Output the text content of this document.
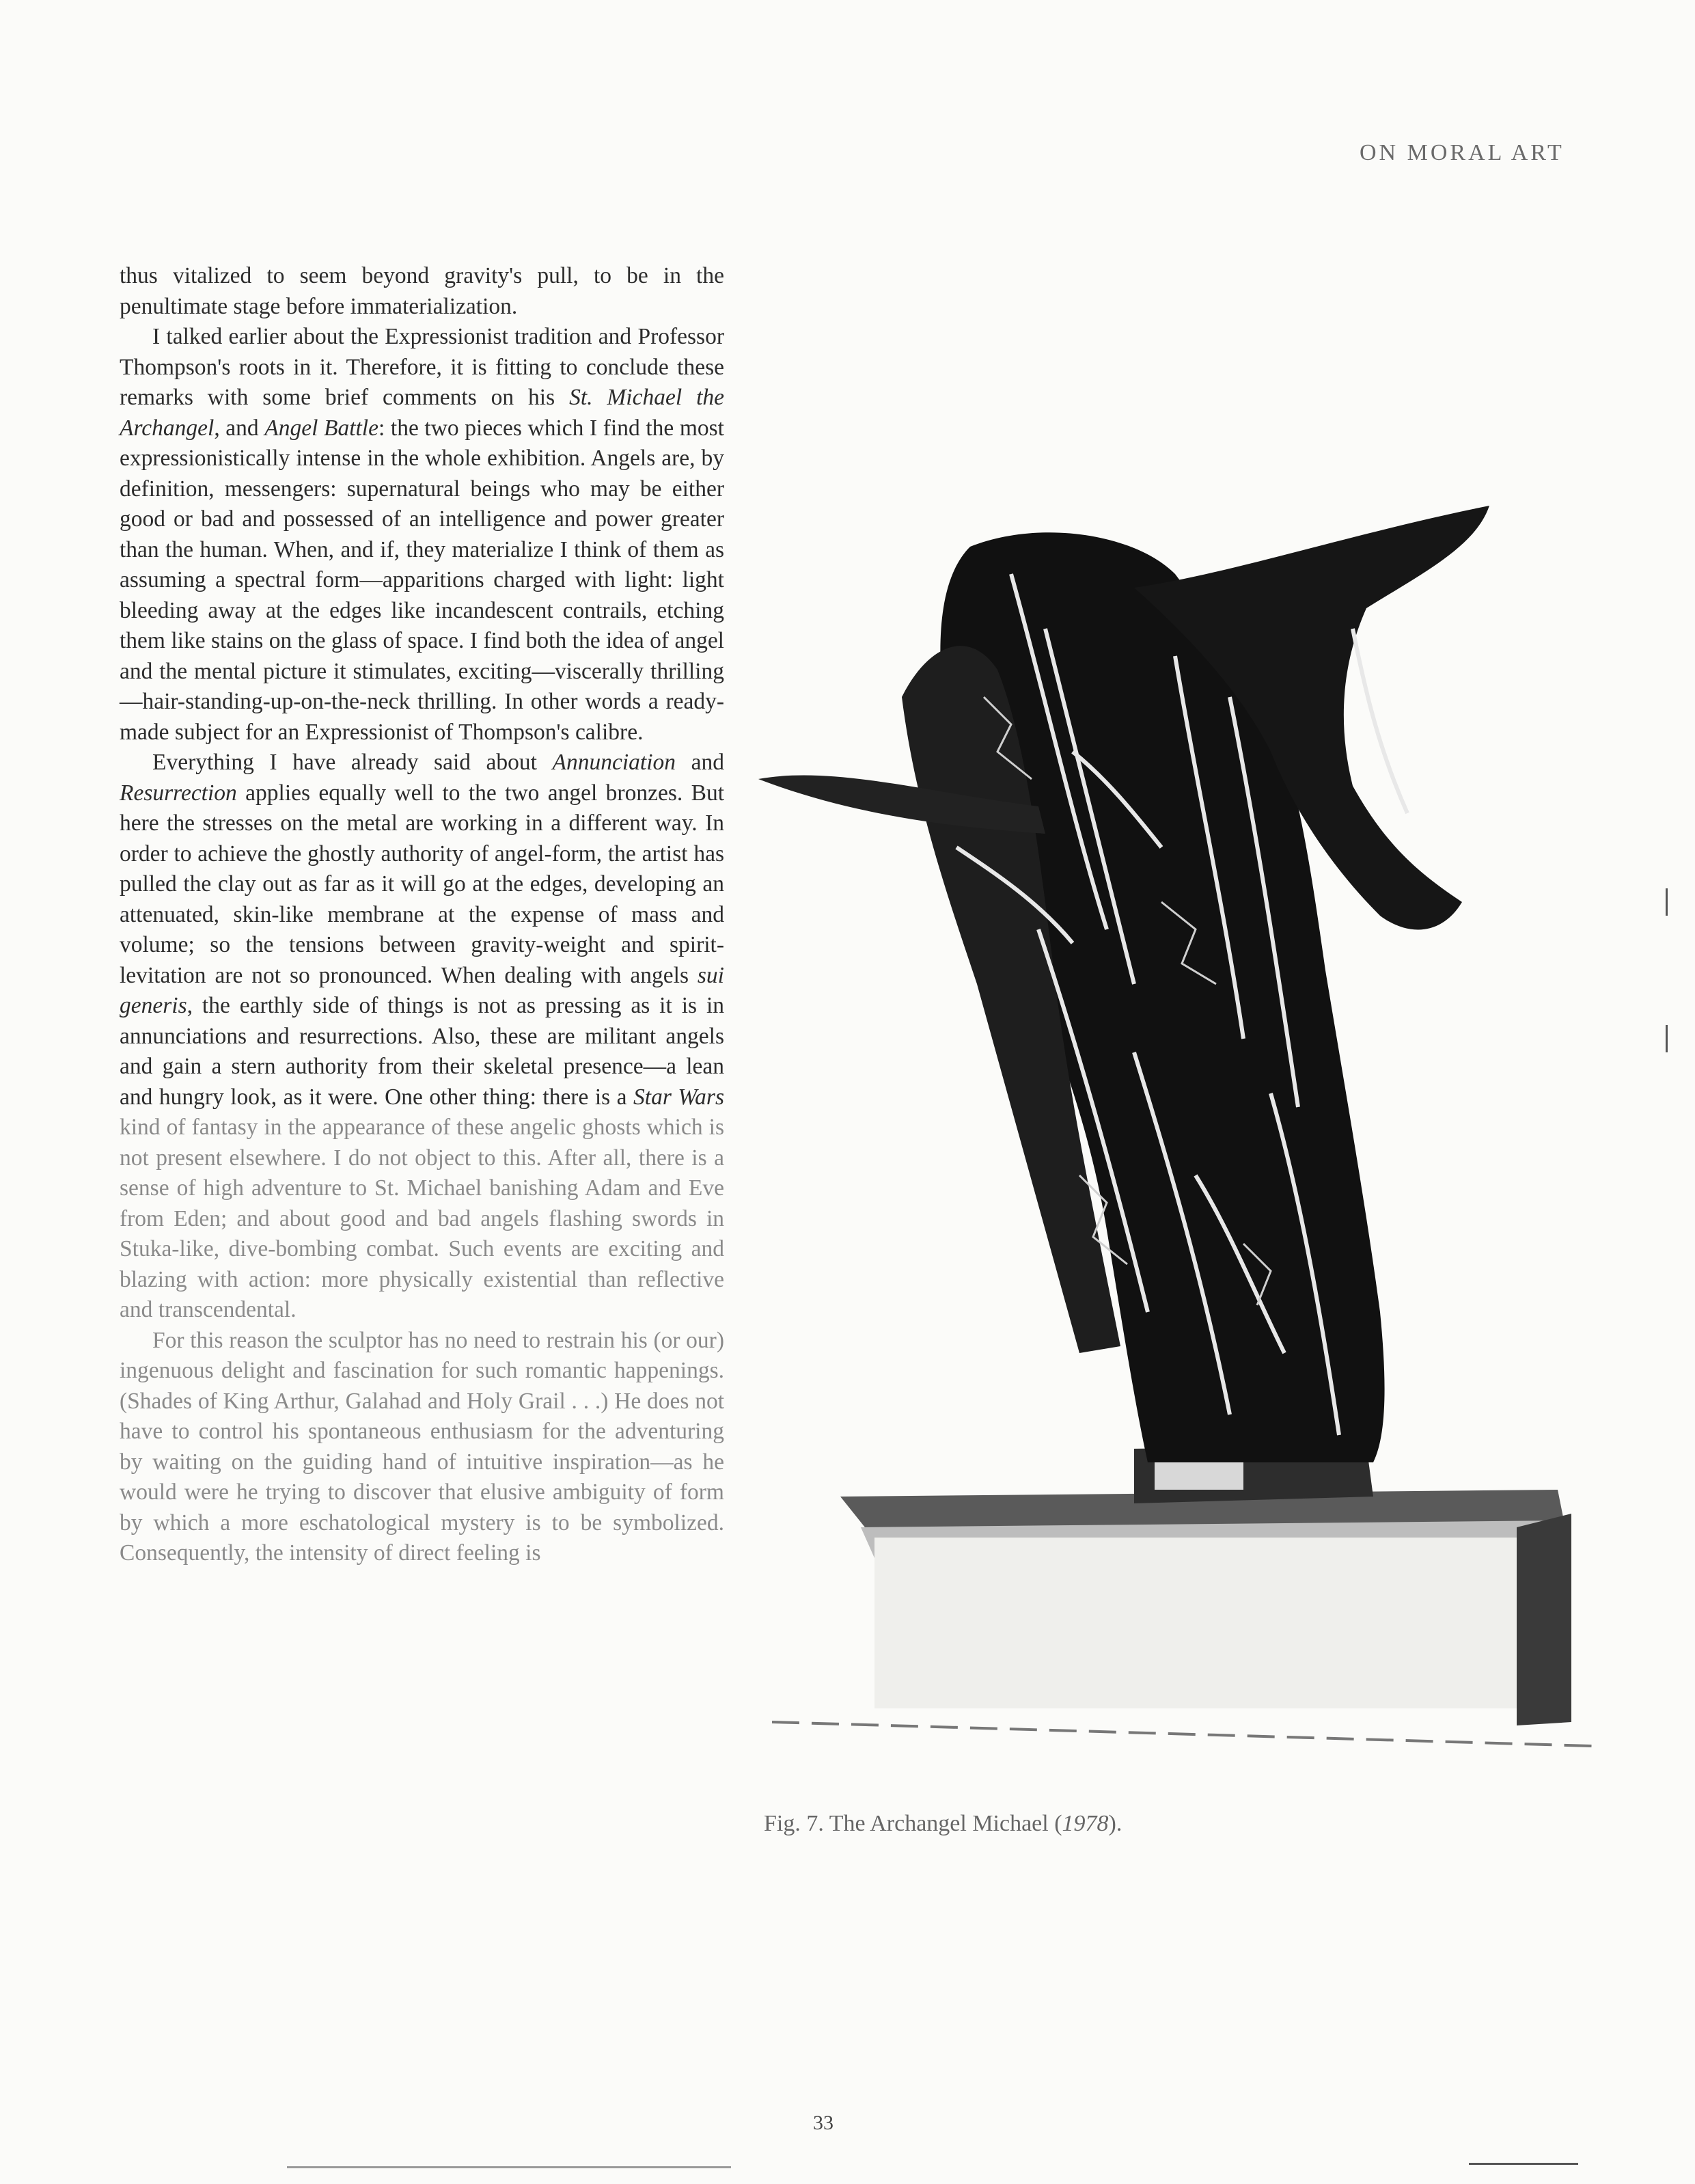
ON MORAL ART

thus vitalized to seem beyond gravity's pull, to be in the penultimate stage before immaterialization.

I talked earlier about the Expressionist tradition and Professor Thompson's roots in it. Therefore, it is fitting to conclude these remarks with some brief comments on his St. Michael the Archangel, and Angel Battle: the two pieces which I find the most expressionistically intense in the whole exhibition. Angels are, by definition, messengers: supernatural beings who may be either good or bad and possessed of an intelligence and power greater than the human. When, and if, they materialize I think of them as assuming a spectral form—apparitions charged with light: light bleeding away at the edges like incandescent contrails, etching them like stains on the glass of space. I find both the idea of angel and the mental picture it stimulates, exciting—viscerally thrilling—hair-standing-up-on-the-neck thrilling. In other words a ready-made subject for an Expressionist of Thompson's calibre.

Everything I have already said about Annunciation and Resurrection applies equally well to the two angel bronzes. But here the stresses on the metal are working in a different way. In order to achieve the ghostly authority of angel-form, the artist has pulled the clay out as far as it will go at the edges, developing an attenuated, skin-like membrane at the expense of mass and volume; so the tensions between gravity-weight and spirit-levitation are not so pronounced. When dealing with angels sui generis, the earthly side of things is not as pressing as it is in annunciations and resurrections. Also, these are militant angels and gain a stern authority from their skeletal presence—a lean and hungry look, as it were. One other thing: there is a Star Wars kind of fantasy in the appearance of these angelic ghosts which is not present elsewhere. I do not object to this. After all, there is a sense of high adventure to St. Michael banishing Adam and Eve from Eden; and about good and bad angels flashing swords in Stuka-like, dive-bombing combat. Such events are exciting and blazing with action: more physically existential than reflective and transcendental.

For this reason the sculptor has no need to restrain his (or our) ingenuous delight and fascination for such romantic happenings. (Shades of King Arthur, Galahad and Holy Grail . . .) He does not have to control his spontaneous enthusiasm for the adventuring by waiting on the guiding hand of intuitive inspiration—as he would were he trying to discover that elusive ambiguity of form by which a more eschatological mystery is to be symbolized. Consequently, the intensity of direct feeling is

Fig. 7. The Archangel Michael (1978).
33
